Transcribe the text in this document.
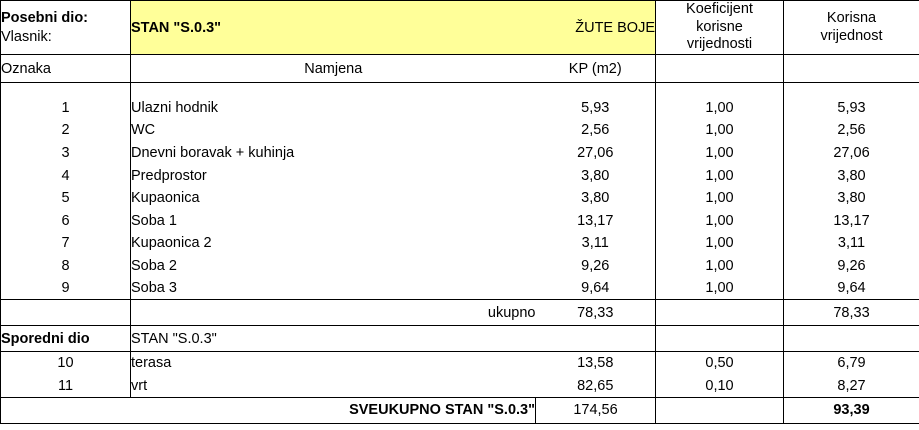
Posebni dio:
Vlasnik:	STAN "S.0.3"	ŽUTE BOJE	Koeficijent
korisne
vrijednosti	Korisna
vrijednost

Oznaka	Namjena	KP (m2)		

1	Ulazni hodnik	5,93	1,00	5,93
2	WC	2,56	1,00	2,56
3	Dnevni boravak + kuhinja	27,06	1,00	27,06
4	Predprostor	3,80	1,00	3,80
5	Kupaonica	3,80	1,00	3,80
6	Soba 1	13,17	1,00	13,17
7	Kupaonica 2	3,11	1,00	3,11
8	Soba 2	9,26	1,00	9,26
9	Soba 3	9,64	1,00	9,64
	ukupno	78,33		78,33
Sporedni dio	STAN "S.0.3"			
10	terasa	13,58	0,50	6,79
11	vrt	82,65	0,10	8,27
	SVEUKUPNO STAN "S.0.3"	174,56		93,39
